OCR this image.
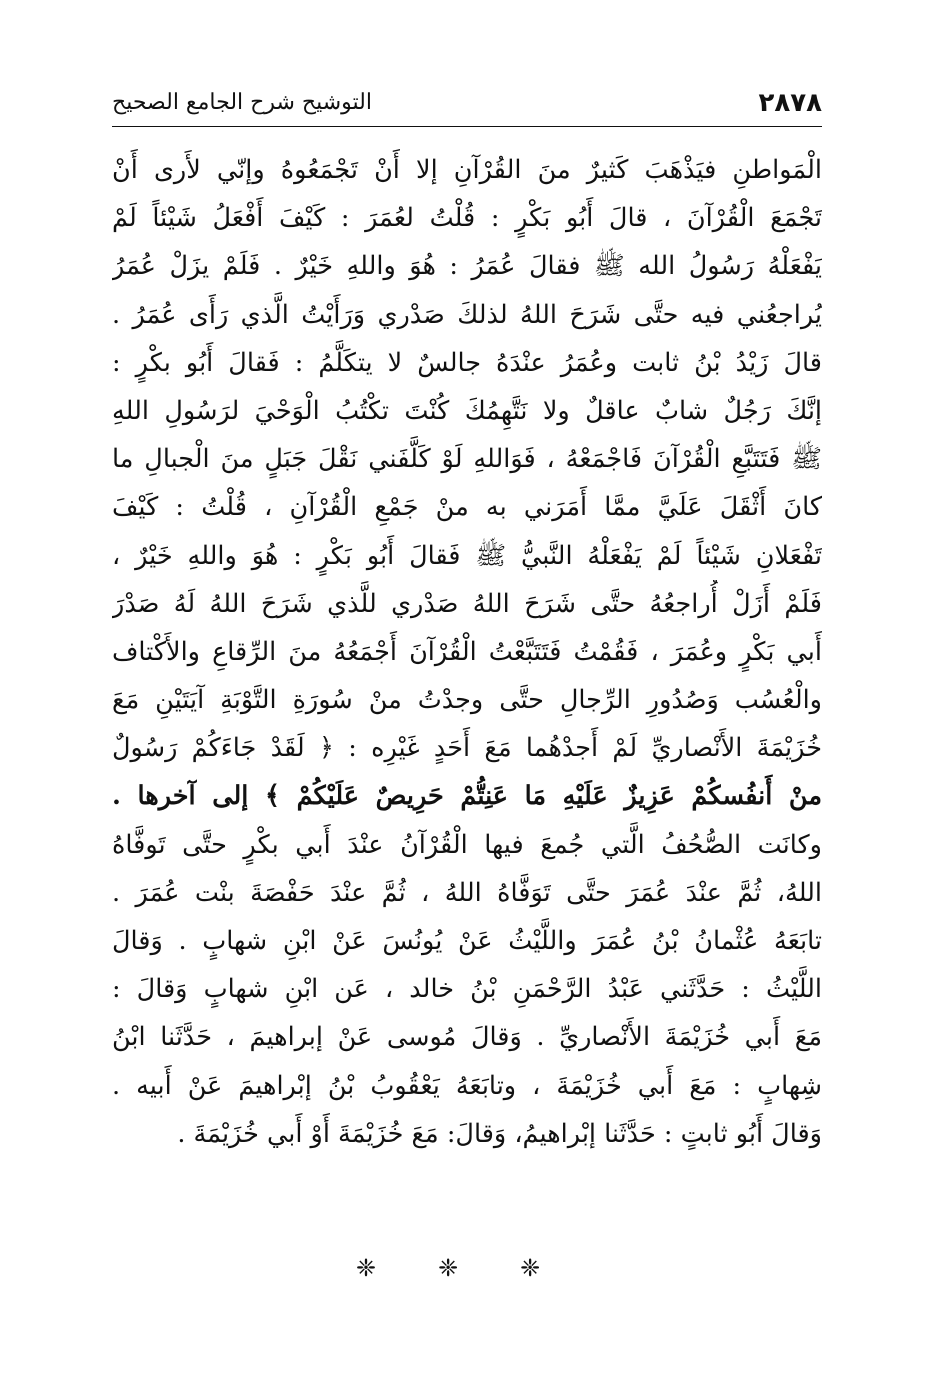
٢٨٧٨
التوشيح شرح الجامع الصحيح
الْمَواطنِ فيَذْهَبَ كَثيرٌ منَ القُرْآنِ إلا أَنْ تَجْمَعُوهُ وإنّي لأَرى أَنْ
تَجْمَعَ الْقُرْآنَ ، قالَ أَبُو بَكْرٍ : قُلْتُ لعُمَرَ : كَيْفَ أَفْعَلُ شَيْئاً لَمْ
يَفْعَلْهُ رَسُولُ الله ﷺ فقالَ عُمَرُ : هُوَ واللهِ خَيْرٌ . فَلَمْ يزَلْ عُمَرُ
يُراجعُني فيه حتَّى شَرَحَ اللهُ لذلكَ صَدْري وَرَأَيْتُ الَّذي رَأَى عُمَرُ .
قالَ زَيْدُ بْنُ ثابت وعُمَرُ عنْدَهُ جالسٌ لا يتكَلَّمُ : فَقالَ أَبُو بكْرٍ :
إنَّكَ رَجُلٌ شابٌ عاقلٌ ولا نَتَّهِمُكَ كُنْتَ تكْتُبُ الْوَحْيَ لرَسُولِ اللهِ
ﷺ فَتَتَبَّعِ الْقُرْآنَ فَاجْمَعْهُ ، فَوَاللهِ لَوْ كَلَّفَني نَقْلَ جَبَلٍ منَ الْجبالِ ما
كانَ أَثْقَلَ عَلَيَّ ممَّا أَمَرَني به منْ جَمْعِ الْقُرْآنِ ، قُلْتُ : كَيْفَ
تَفْعَلانِ شَيْئاً لَمْ يَفْعَلْهُ النَّبيُّ ﷺ فَقالَ أَبُو بَكْرٍ : هُوَ واللهِ خَيْرٌ ،
فَلَمْ أَزَلْ أُراجعُهُ حتَّى شَرَحَ اللهُ صَدْري للَّذي شَرَحَ اللهُ لَهُ صَدْرَ
أَبي بَكْرٍ وعُمَرَ ، فَقُمْتُ فَتَتَبَّعْتُ الْقُرْآنَ أَجْمَعُهُ منَ الرِّقاعِ والأَكْتاف
والْعُسُب وَصُدُورِ الرِّجالِ حتَّى وجدْتُ منْ سُورَةِ التَّوْبَةِ آيَتَيْنِ مَعَ
خُزَيْمَةَ الأَنْصاريِّ لَمْ أَجدْهُما مَعَ أَحَدٍ غَيْرِه : ﴿ لَقَدْ جَاءَكُمْ رَسُولٌ
منْ أَنفُسكُمْ عَزِيزٌ عَلَيْهِ مَا عَنِتُّمْ حَرِيصٌ عَلَيْكُمْ ﴾ إلى آخرها .
وكانَت الصُّحُفُ الَّتي جُمعَ فيها الْقُرْآنُ عنْدَ أَبي بكْرٍ حتَّى تَوفَّاهُ
اللهُ، ثُمَّ عنْدَ عُمَرَ حتَّى تَوَفَّاهُ اللهُ ، ثُمَّ عنْدَ حَفْصَةَ بنْت عُمَرَ .
تابَعَهُ عُثْمانُ بْنُ عُمَرَ واللَّيْثُ عَنْ يُونُسَ عَنْ ابْنِ شهابٍ . وَقالَ
اللَّيْثُ : حَدَّثَني عَبْدُ الرَّحْمَنِ بْنُ خالد ، عَن ابْنِ شهابٍ وَقالَ :
مَعَ أَبي خُزَيْمَةَ الأَنْصاريِّ . وَقالَ مُوسى عَنْ إبراهيمَ ، حَدَّثَنا ابْنُ
شِهابٍ : مَعَ أَبي خُزَيْمَةَ ، وتابَعَهُ يَعْقُوبُ بْنُ إبْراهيمَ عَنْ أَبيه .
وَقالَ أَبُو ثابتٍ : حَدَّثَنا إبْراهيمُ، وَقالَ: مَعَ خُزَيْمَةَ أَوْ أَبي خُزَيْمَةَ .
❈ ❈ ❈
